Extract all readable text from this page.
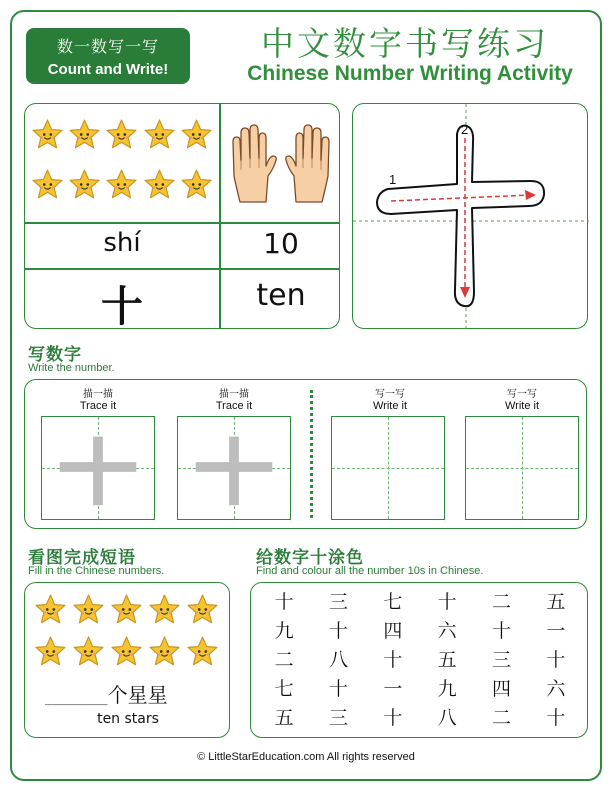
数一数写一写
Count and Write!
中文数字书写练习
Chinese Number Writing Activity
shí	10
十	ten
1
2
写数字
Write the number.
描一描
Trace it
描一描
Trace it
写一写
Write it
写一写
Write it
看图完成短语
Fill in the Chinese numbers.
________ 个星星
ten stars
给数字十涂色
Find and colour all the number 10s in Chinese.
十	三	七	十	二	五
九	十	四	六	十	一
二	八	十	五	三	十
七	十	一	九	四	六
五	三	十	八	二	十
© LittleStarEducation.com All rights reserved
